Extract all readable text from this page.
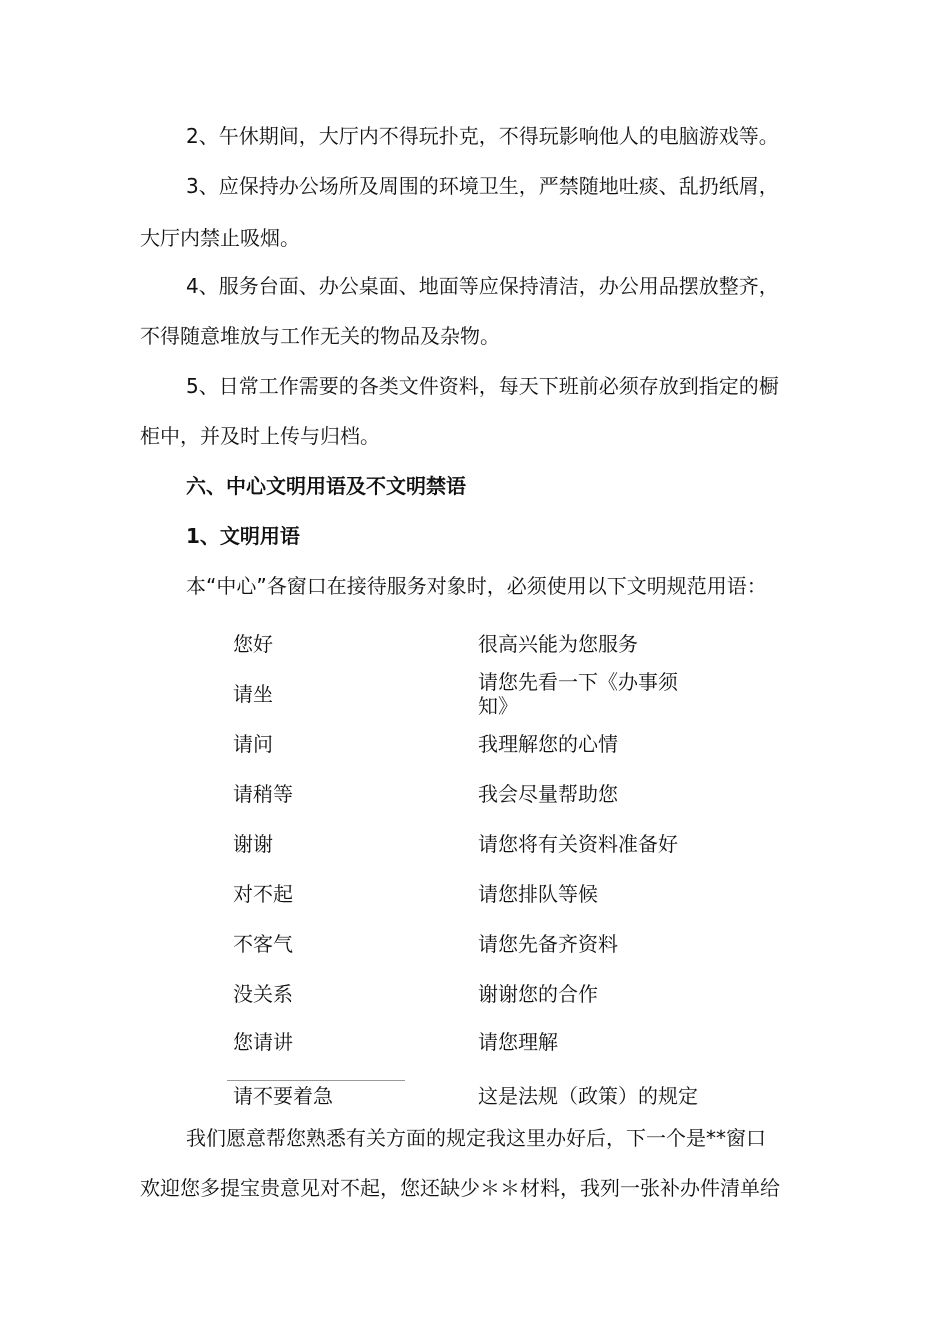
2、午休期间，大厅内不得玩扑克，不得玩影响他人的电脑游戏等。
3、应保持办公场所及周围的环境卫生，严禁随地吐痰、乱扔纸屑，
大厅内禁止吸烟。
4、服务台面、办公桌面、地面等应保持清洁，办公用品摆放整齐，
不得随意堆放与工作无关的物品及杂物。
5、日常工作需要的各类文件资料，每天下班前必须存放到指定的橱
柜中，并及时上传与归档。
六、中心文明用语及不文明禁语
1、文明用语
本“中心”各窗口在接待服务对象时，必须使用以下文明规范用语：
您好	很高兴能为您服务
请坐	请您先看一下《办事须知》
请问	我理解您的心情
请稍等	我会尽量帮助您
谢谢	请您将有关资料准备好
对不起	请您排队等候
不客气	请您先备齐资料
没关系	谢谢您的合作
您请讲	请您理解
请不要着急	这是法规（政策）的规定
我们愿意帮您熟悉有关方面的规定我这里办好后，下一个是**窗口
欢迎您多提宝贵意见对不起，您还缺少＊＊材料，我列一张补办件清单给
